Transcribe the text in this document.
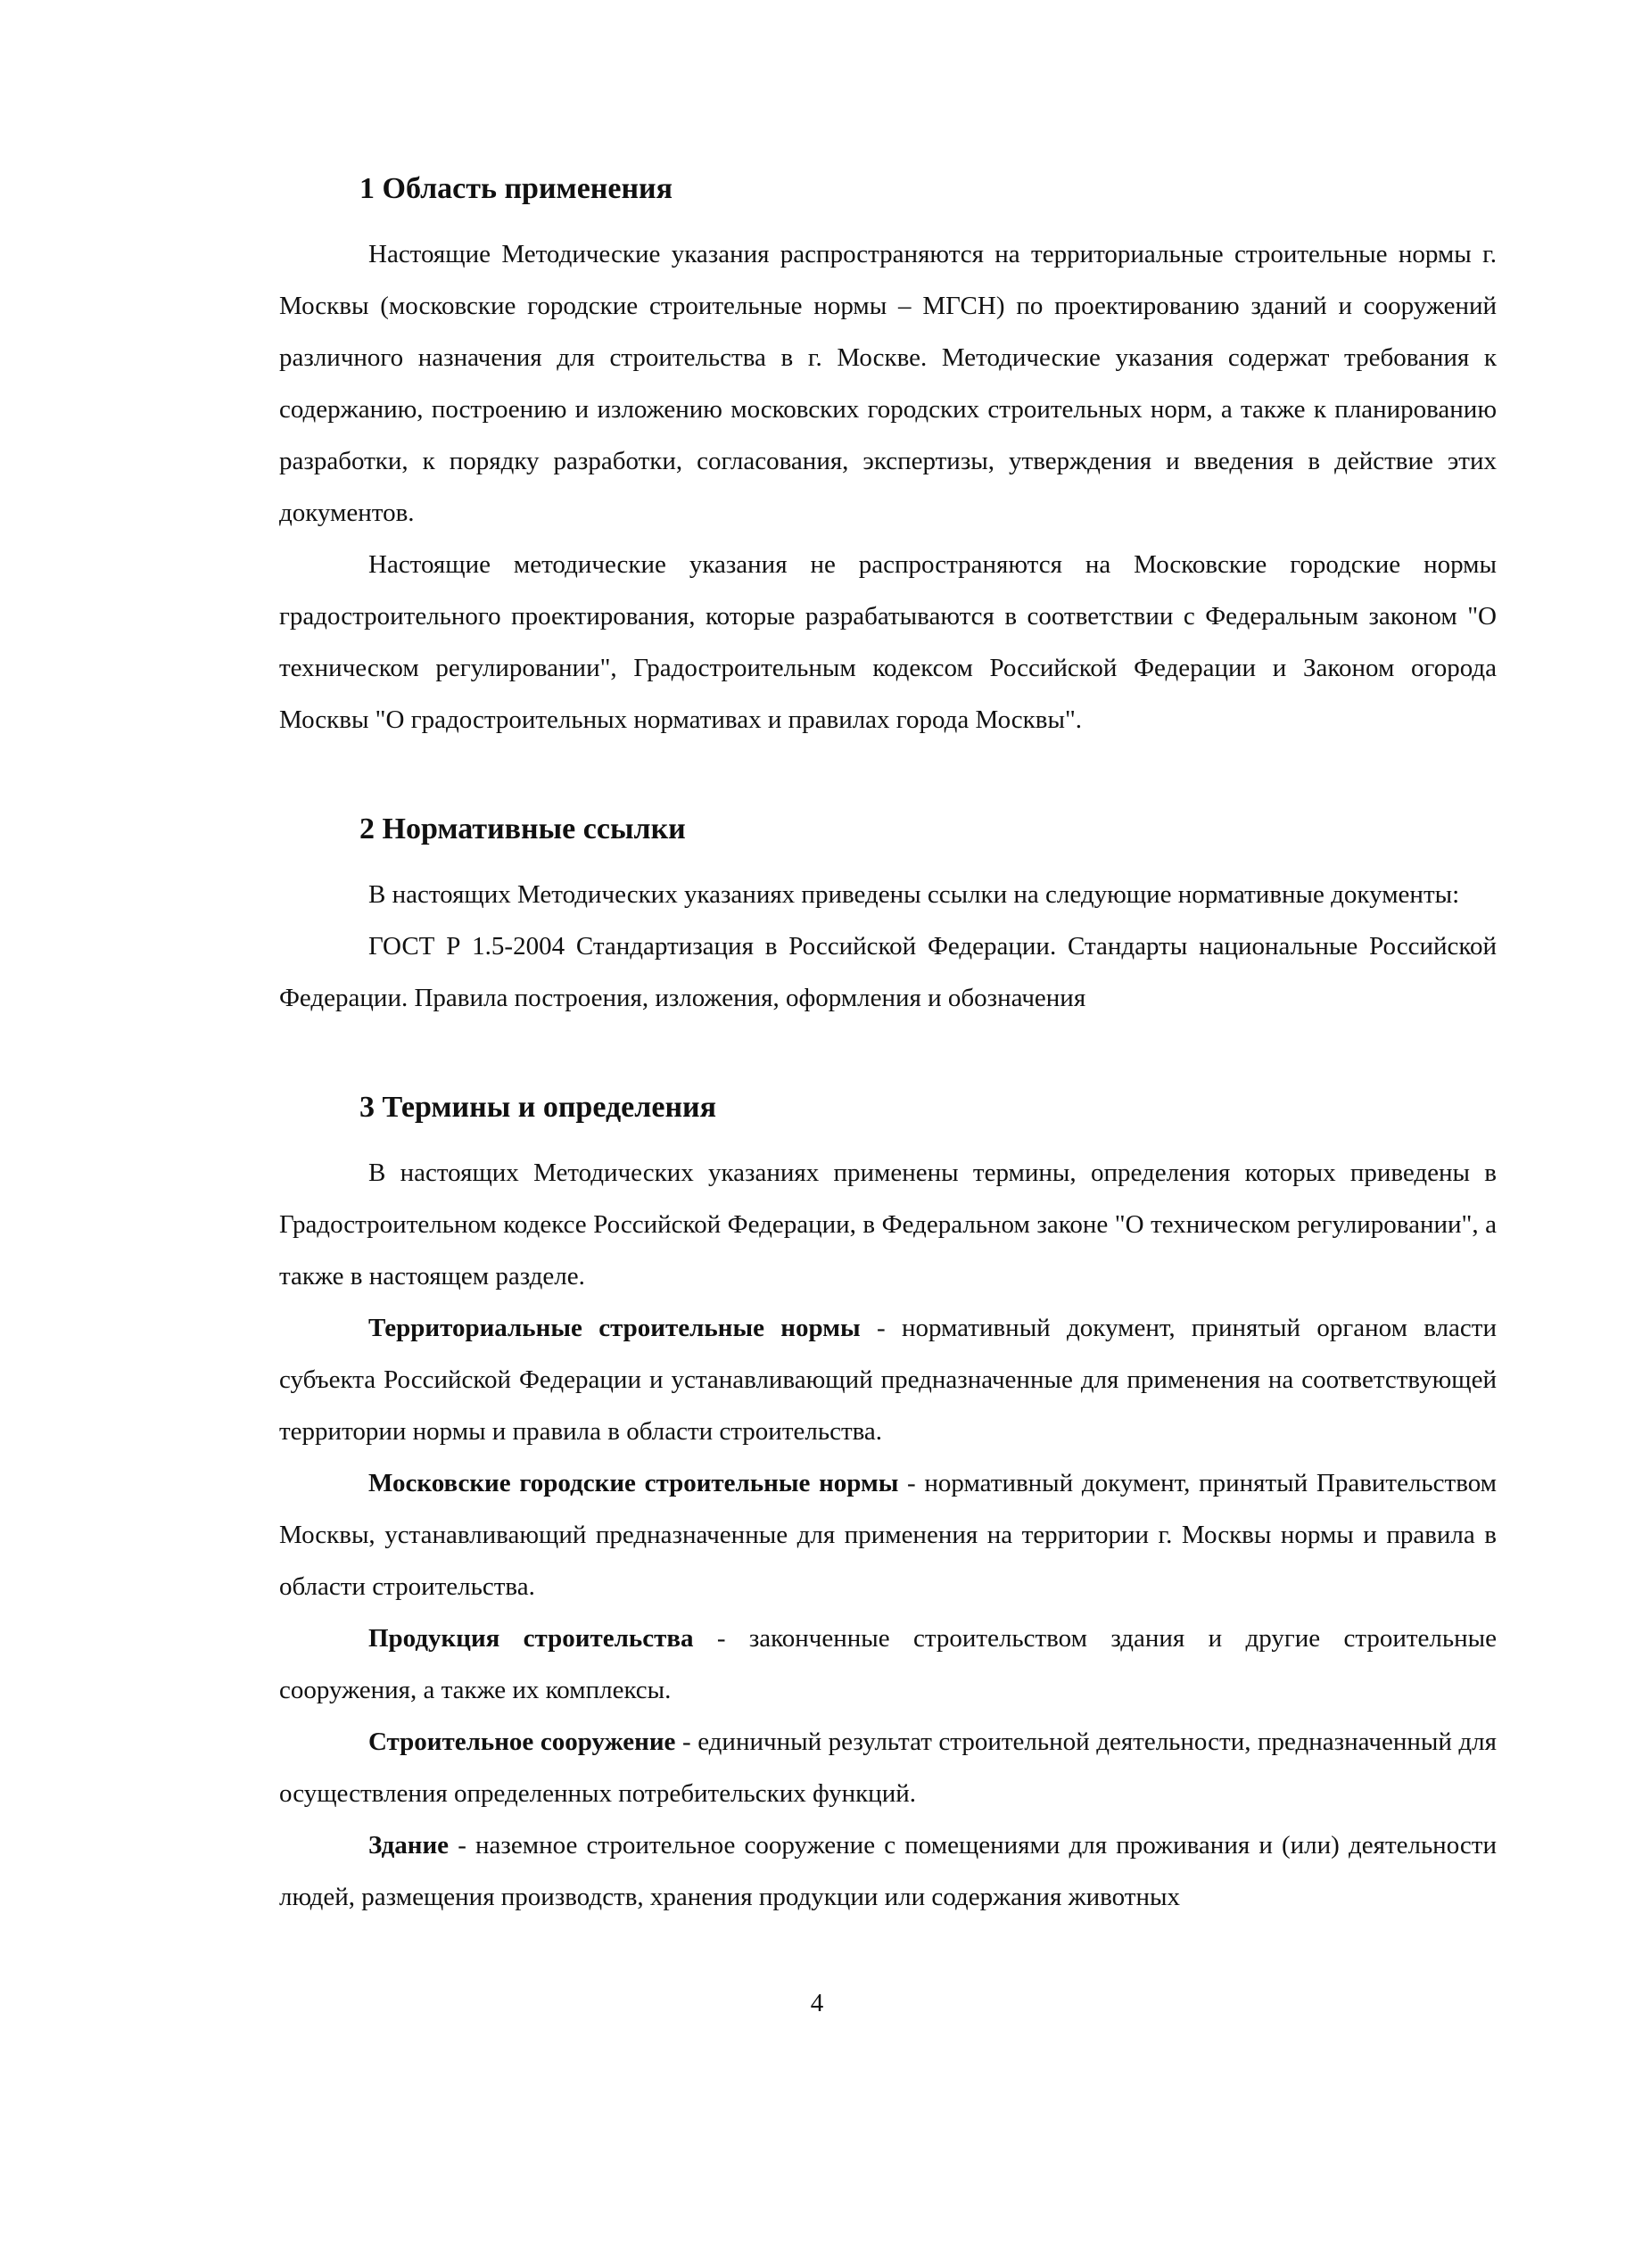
1 Область применения

Настоящие Методические указания распространяются на территориальные строительные нормы г. Москвы (московские городские строительные нормы – МГСН) по проектированию зданий и сооружений различного назначения для строительства в г. Москве. Методические указания содержат требования к содержанию, построению и изложению московских городских строительных норм, а также к планированию разработки, к порядку разработки, согласования, экспертизы, утверждения и введения в действие этих документов.

Настоящие методические указания не распространяются на Московские городские нормы градостроительного проектирования, которые разрабатываются в соответствии с Федеральным законом "О техническом регулировании", Градостроительным кодексом Российской Федерации и Законом огорода Москвы "О градостроительных нормативах и правилах города Москвы".

2 Нормативные ссылки

В настоящих Методических указаниях приведены ссылки на следующие нормативные документы:

ГОСТ Р 1.5-2004 Стандартизация в Российской Федерации. Стандарты национальные Российской Федерации. Правила построения, изложения, оформления и обозначения

3 Термины и определения

В настоящих Методических указаниях применены термины, определения которых приведены в Градостроительном кодексе Российской Федерации, в Федеральном законе "О техническом регулировании", а также в настоящем разделе.

Территориальные строительные нормы - нормативный документ, принятый органом власти субъекта Российской Федерации и устанавливающий предназначенные для применения на соответствующей территории нормы и правила в области строительства.

Московские городские строительные нормы - нормативный документ, принятый Правительством Москвы, устанавливающий предназначенные для применения на территории г. Москвы нормы и правила в области строительства.

Продукция строительства - законченные строительством здания и другие строительные сооружения, а также их комплексы.

Строительное сооружение - единичный результат строительной деятельности, предназначенный для осуществления определенных потребительских функций.

Здание - наземное строительное сооружение с помещениями для проживания и (или) деятельности людей, размещения производств, хранения продукции или содержания животных

4
